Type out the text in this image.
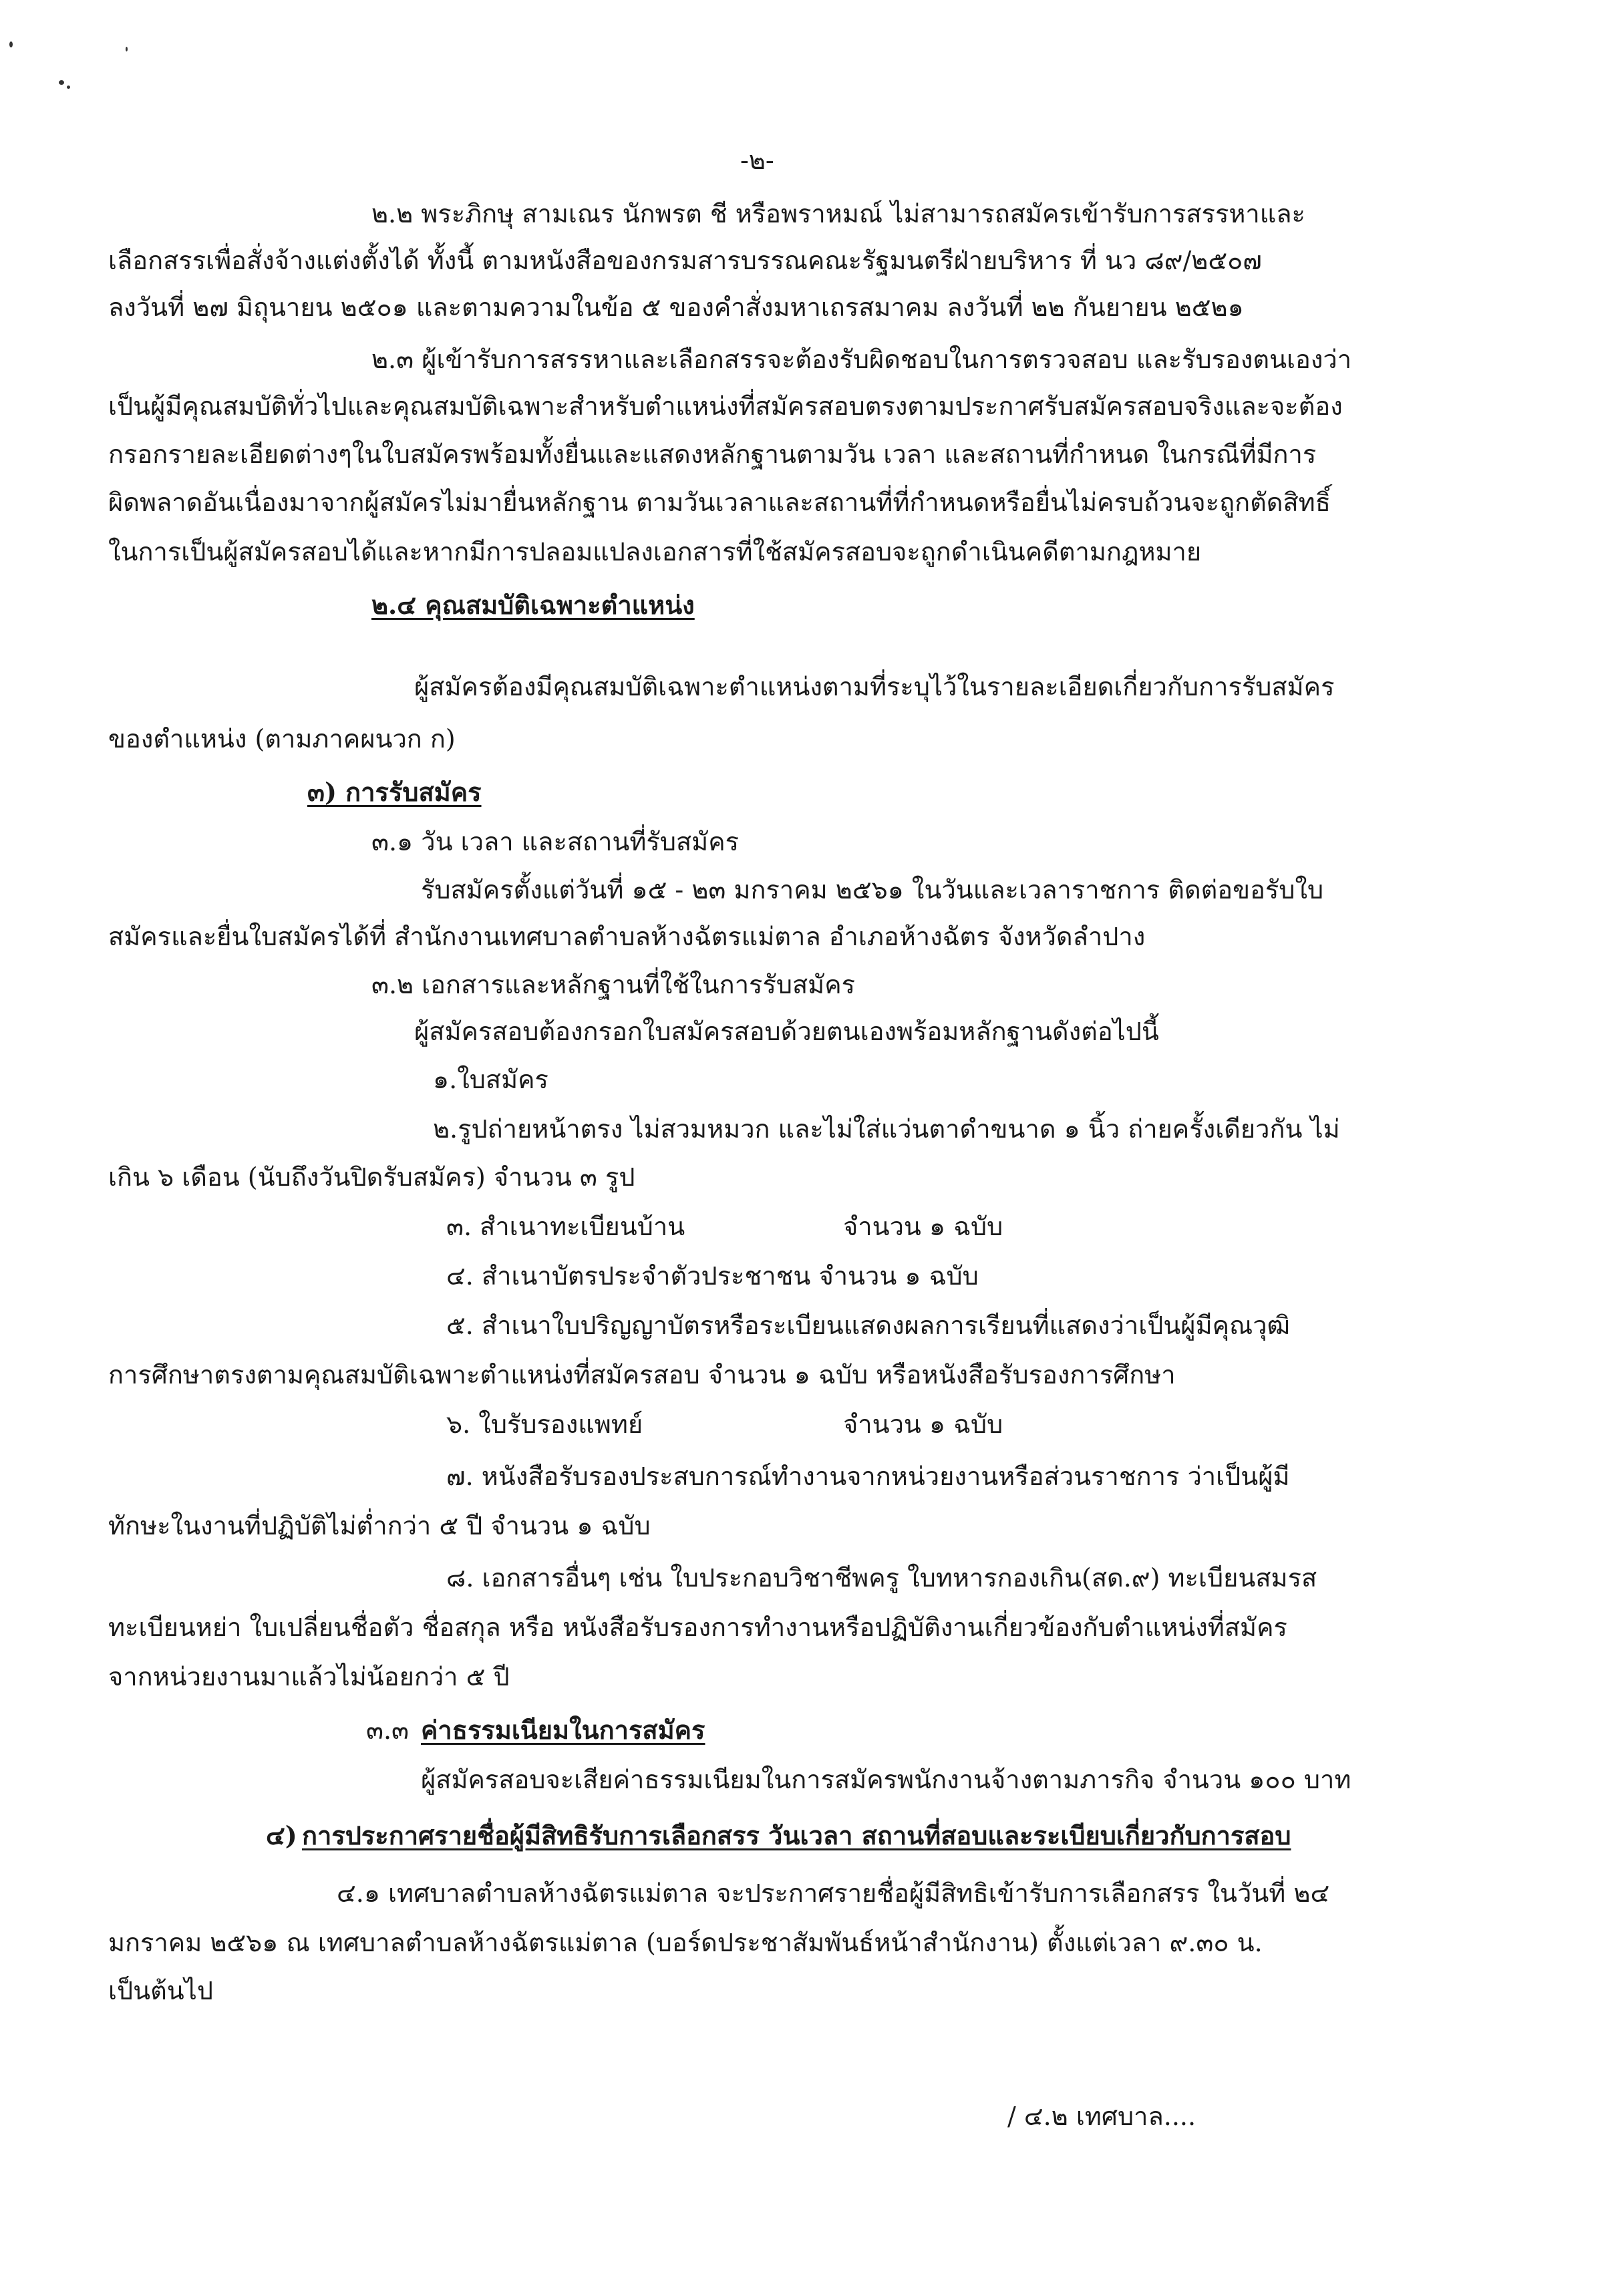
-๒-
๒.๒ พระภิกษุ สามเณร นักพรต ชี หรือพราหมณ์ ไม่สามารถสมัครเข้ารับการสรรหาและ
เลือกสรรเพื่อสั่งจ้างแต่งตั้งได้ ทั้งนี้ ตามหนังสือของกรมสารบรรณคณะรัฐมนตรีฝ่ายบริหาร ที่ นว ๘๙/๒๕๐๗
ลงวันที่ ๒๗ มิถุนายน ๒๕๐๑ และตามความในข้อ ๕ ของคำสั่งมหาเถรสมาคม ลงวันที่ ๒๒ กันยายน ๒๕๒๑
๒.๓ ผู้เข้ารับการสรรหาและเลือกสรรจะต้องรับผิดชอบในการตรวจสอบ และรับรองตนเองว่า
เป็นผู้มีคุณสมบัติทั่วไปและคุณสมบัติเฉพาะสำหรับตำแหน่งที่สมัครสอบตรงตามประกาศรับสมัครสอบจริงและจะต้อง
กรอกรายละเอียดต่างๆในใบสมัครพร้อมทั้งยื่นและแสดงหลักฐานตามวัน เวลา และสถานที่กำหนด ในกรณีที่มีการ
ผิดพลาดอันเนื่องมาจากผู้สมัครไม่มายื่นหลักฐาน ตามวันเวลาและสถานที่ที่กำหนดหรือยื่นไม่ครบถ้วนจะถูกตัดสิทธิ์
ในการเป็นผู้สมัครสอบได้และหากมีการปลอมแปลงเอกสารที่ใช้สมัครสอบจะถูกดำเนินคดีตามกฎหมาย
๒.๔ คุณสมบัติเฉพาะตำแหน่ง
ผู้สมัครต้องมีคุณสมบัติเฉพาะตำแหน่งตามที่ระบุไว้ในรายละเอียดเกี่ยวกับการรับสมัคร
ของตำแหน่ง (ตามภาคผนวก ก)
๓) การรับสมัคร
๓.๑ วัน เวลา และสถานที่รับสมัคร
รับสมัครตั้งแต่วันที่ ๑๕ - ๒๓ มกราคม ๒๕๖๑ ในวันและเวลาราชการ ติดต่อขอรับใบ
สมัครและยื่นใบสมัครได้ที่ สำนักงานเทศบาลตำบลห้างฉัตรแม่ตาล อำเภอห้างฉัตร จังหวัดลำปาง
๓.๒ เอกสารและหลักฐานที่ใช้ในการรับสมัคร
ผู้สมัครสอบต้องกรอกใบสมัครสอบด้วยตนเองพร้อมหลักฐานดังต่อไปนี้
๑.ใบสมัคร
๒.รูปถ่ายหน้าตรง ไม่สวมหมวก และไม่ใส่แว่นตาดำขนาด ๑ นิ้ว ถ่ายครั้งเดียวกัน ไม่
เกิน ๖ เดือน (นับถึงวันปิดรับสมัคร) จำนวน ๓ รูป
๓. สำเนาทะเบียนบ้าน	จำนวน ๑ ฉบับ
๔. สำเนาบัตรประจำตัวประชาชน จำนวน ๑ ฉบับ
๕. สำเนาใบปริญญาบัตรหรือระเบียนแสดงผลการเรียนที่แสดงว่าเป็นผู้มีคุณวุฒิ
การศึกษาตรงตามคุณสมบัติเฉพาะตำแหน่งที่สมัครสอบ จำนวน ๑ ฉบับ หรือหนังสือรับรองการศึกษา
๖. ใบรับรองแพทย์	จำนวน ๑ ฉบับ
๗. หนังสือรับรองประสบการณ์ทำงานจากหน่วยงานหรือส่วนราชการ ว่าเป็นผู้มี
ทักษะในงานที่ปฏิบัติไม่ต่ำกว่า ๕ ปี จำนวน ๑ ฉบับ
๘. เอกสารอื่นๆ เช่น ใบประกอบวิชาชีพครู ใบทหารกองเกิน(สด.๙) ทะเบียนสมรส
ทะเบียนหย่า ใบเปลี่ยนชื่อตัว ชื่อสกุล หรือ หนังสือรับรองการทำงานหรือปฏิบัติงานเกี่ยวข้องกับตำแหน่งที่สมัคร
จากหน่วยงานมาแล้วไม่น้อยกว่า ๕ ปี
๓.๓ ค่าธรรมเนียมในการสมัคร
ผู้สมัครสอบจะเสียค่าธรรมเนียมในการสมัครพนักงานจ้างตามภารกิจ จำนวน ๑๐๐ บาท
๔) การประกาศรายชื่อผู้มีสิทธิรับการเลือกสรร วันเวลา สถานที่สอบและระเบียบเกี่ยวกับการสอบ
๔.๑ เทศบาลตำบลห้างฉัตรแม่ตาล จะประกาศรายชื่อผู้มีสิทธิเข้ารับการเลือกสรร ในวันที่ ๒๔
มกราคม ๒๕๖๑ ณ เทศบาลตำบลห้างฉัตรแม่ตาล (บอร์ดประชาสัมพันธ์หน้าสำนักงาน) ตั้งแต่เวลา ๙.๓๐ น.
เป็นต้นไป
/ ๔.๒ เทศบาล....
